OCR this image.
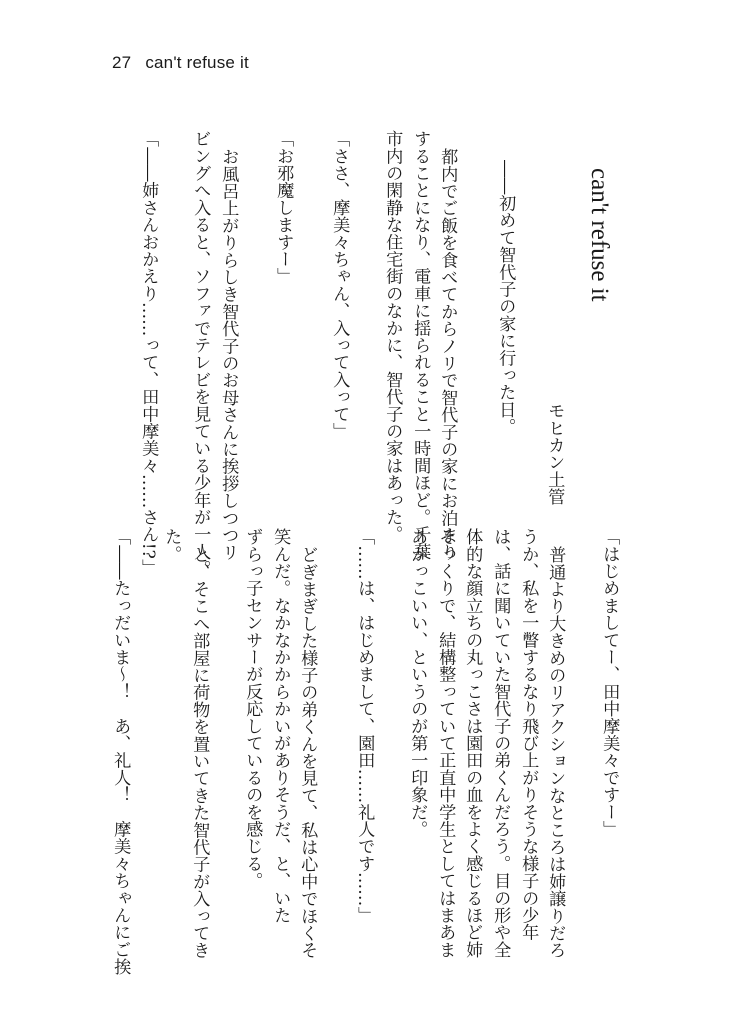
27 can't refuse it
can't refuse it
モヒカン土管
――初めて智代子の家に行った日。
都内でご飯を食べてからノリで智代子の家にお泊まり
することになり、電車に揺られること一時間ほど。千葉
市内の閑静な住宅街のなかに、智代子の家はあった。
「ささ、摩美々ちゃん、入って入って」
「お邪魔しますー」
お風呂上がりらしき智代子のお母さんに挨拶しつつリ
ビングへ入ると、ソファでテレビを見ている少年が一人。
「――姉さんおかえり……って、田中摩美々……さん!?」
「はじめましてー、田中摩美々ですー」
普通より大きめのリアクションなところは姉譲りだろ
うか、私を一瞥するなり飛び上がりそうな様子の少年
は、話に聞いていた智代子の弟くんだろう。目の形や全
体的な顔立ちの丸っこさは園田の血をよく感じるほど姉
そっくりで、結構整っていて正直中学生としてはまあま
あかっこいい、というのが第一印象だ。
「……は、はじめまして、園田……礼人です……」
どぎまぎした様子の弟くんを見て、私は心中でほくそ
笑んだ。なかなかからかいがありそうだ、と、いた
ずらっ子センサーが反応しているのを感じる。
と、そこへ部屋に荷物を置いてきた智代子が入ってき
た。
「――たっだいま～！　あ、礼人！　摩美々ちゃんにご挨
